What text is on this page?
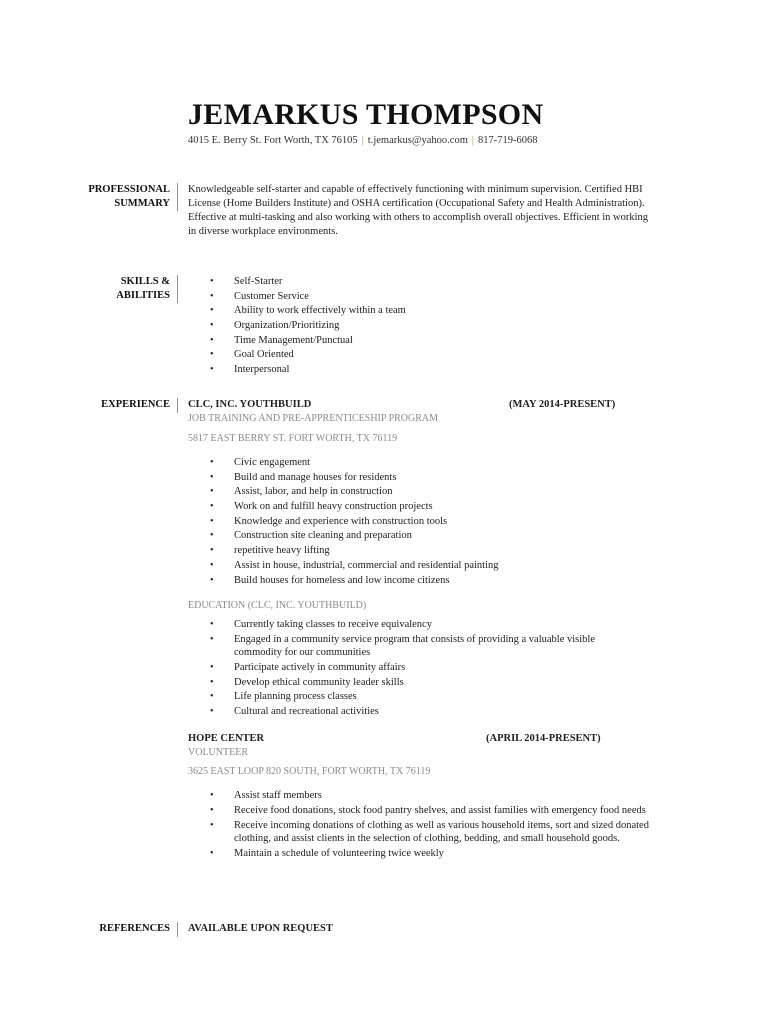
JEMARKUS THOMPSON
4015 E. Berry St. Fort Worth, TX 76105 | t.jemarkus@yahoo.com | 817-719-6068
PROFESSIONAL
SUMMARY
Knowledgeable self-starter and capable of effectively functioning with minimum supervision. Certified HBI License (Home Builders Institute) and OSHA certification (Occupational Safety and Health Administration). Effective at multi-tasking and also working with others to accomplish overall objectives. Efficient in working in diverse workplace environments.
SKILLS &
ABILITIES
• Self-Starter
• Customer Service
• Ability to work effectively within a team
• Organization/Prioritizing
• Time Management/Punctual
• Goal Oriented
• Interpersonal
EXPERIENCE CLC, INC. YOUTHBUILD	(MAY 2014-PRESENT)
JOB TRAINING AND PRE-APPRENTICESHIP PROGRAM
5817 EAST BERRY ST. FORT WORTH, TX 76119
• Civic engagement
• Build and manage houses for residents
• Assist, labor, and help in construction
• Work on and fulfill heavy construction projects
• Knowledge and experience with construction tools
• Construction site cleaning and preparation
• repetitive heavy lifting
• Assist in house, industrial, commercial and residential painting
• Build houses for homeless and low income citizens
EDUCATION (CLC, INC. YOUTHBUILD)
• Currently taking classes to receive equivalency
• Engaged in a community service program that consists of providing a valuable visible commodity for our communities
• Participate actively in community affairs
• Develop ethical community leader skills
• Life planning process classes
• Cultural and recreational activities
HOPE CENTER	(APRIL 2014-PRESENT)
VOLUNTEER
3625 EAST LOOP 820 SOUTH, FORT WORTH, TX 76119
• Assist staff members
• Receive food donations, stock food pantry shelves, and assist families with emergency food needs
• Receive incoming donations of clothing as well as various household items, sort and sized donated clothing, and assist clients in the selection of clothing, bedding, and small household goods.
• Maintain a schedule of volunteering twice weekly
REFERENCES AVAILABLE UPON REQUEST
